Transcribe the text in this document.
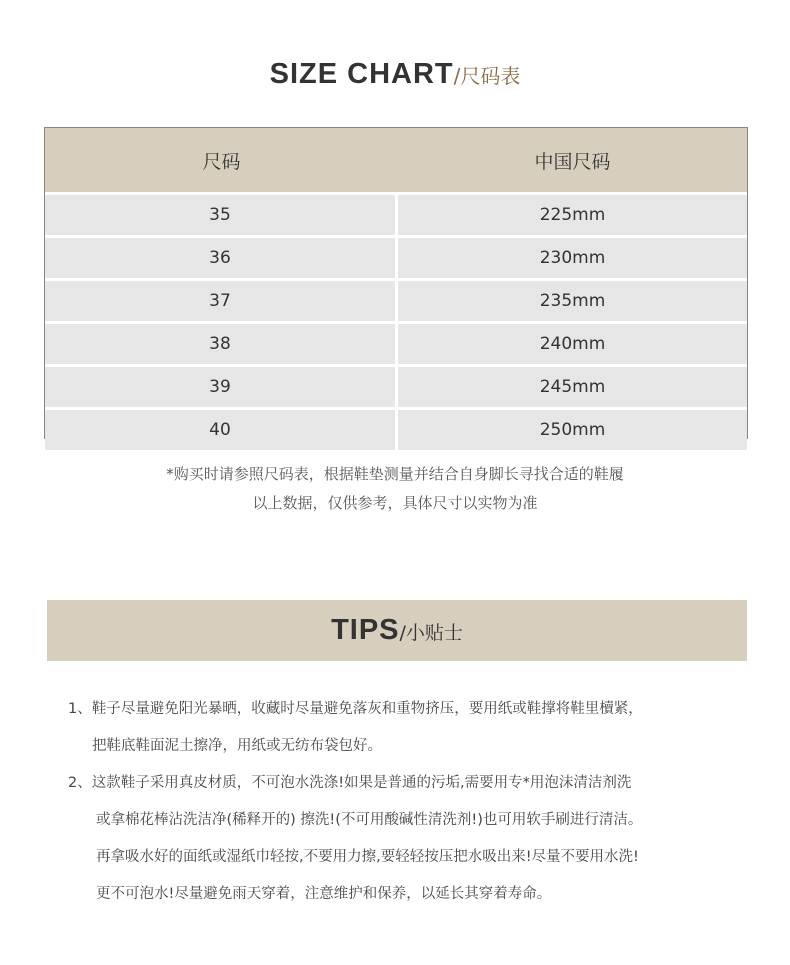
SIZE CHART/尺码表
尺码	中国尺码
35	225mm
36	230mm
37	235mm
38	240mm
39	245mm
40	250mm
*购买时请参照尺码表，根据鞋垫测量并结合自身脚长寻找合适的鞋履
以上数据，仅供参考，具体尺寸以实物为准
TIPS/小贴士
1、鞋子尽量避免阳光暴晒，收藏时尽量避免落灰和重物挤压，要用纸或鞋撑将鞋里櫝紧，
把鞋底鞋面泥土擦净，用纸或无纺布袋包好。
2、这款鞋子采用真皮材质，不可泡水洗涤!如果是普通的污垢,需要用专*用泡沫清洁剂洗
或拿棉花棒沾洗洁净(稀释开的) 擦洗!(不可用酸碱性清洗剂!)也可用软手刷进行清洁。
再拿吸水好的面纸或湿纸巾轻按,不要用力擦,要轻轻按压把水吸出来!尽量不要用水洗!
更不可泡水!尽量避免雨天穿着，注意维护和保养，以延长其穿着寿命。
